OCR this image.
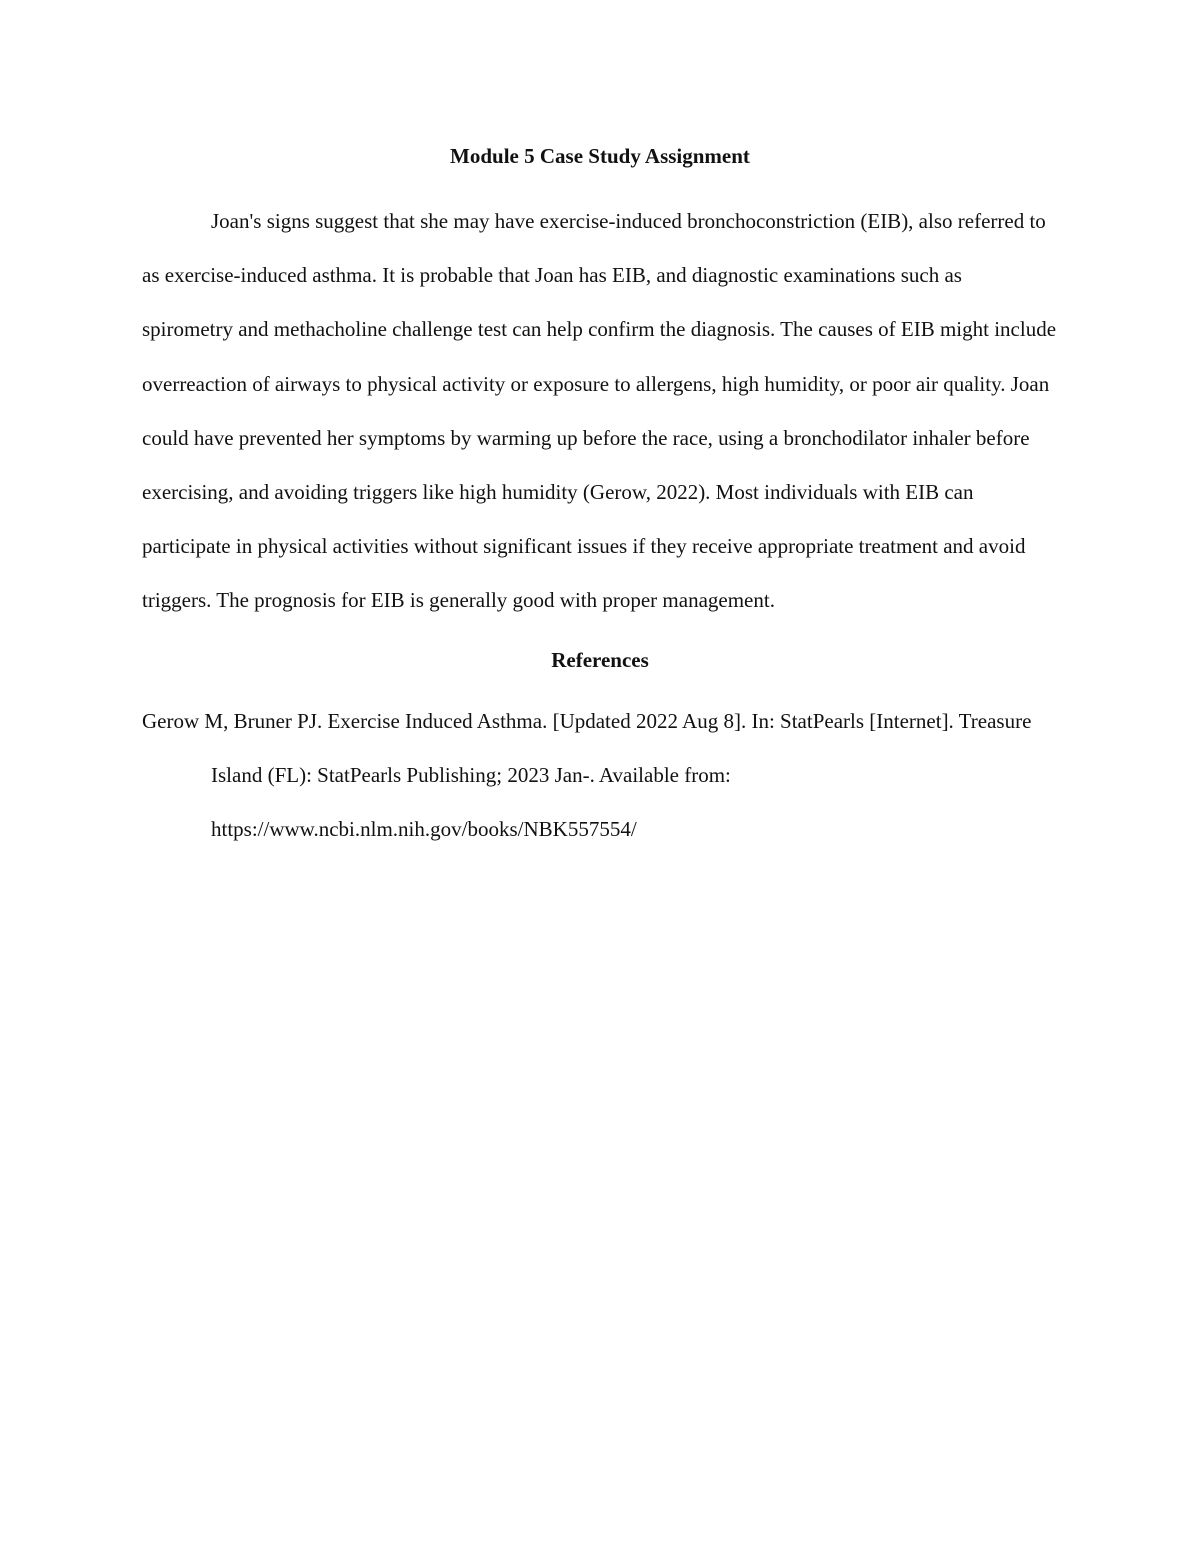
Module 5 Case Study Assignment

Joan's signs suggest that she may have exercise-induced bronchoconstriction (EIB), also referred to as exercise-induced asthma. It is probable that Joan has EIB, and diagnostic examinations such as spirometry and methacholine challenge test can help confirm the diagnosis. The causes of EIB might include overreaction of airways to physical activity or exposure to allergens, high humidity, or poor air quality. Joan could have prevented her symptoms by warming up before the race, using a bronchodilator inhaler before exercising, and avoiding triggers like high humidity (Gerow, 2022). Most individuals with EIB can participate in physical activities without significant issues if they receive appropriate treatment and avoid triggers. The prognosis for EIB is generally good with proper management.

References

Gerow M, Bruner PJ. Exercise Induced Asthma. [Updated 2022 Aug 8]. In: StatPearls [Internet]. Treasure Island (FL): StatPearls Publishing; 2023 Jan-. Available from: https://www.ncbi.nlm.nih.gov/books/NBK557554/
